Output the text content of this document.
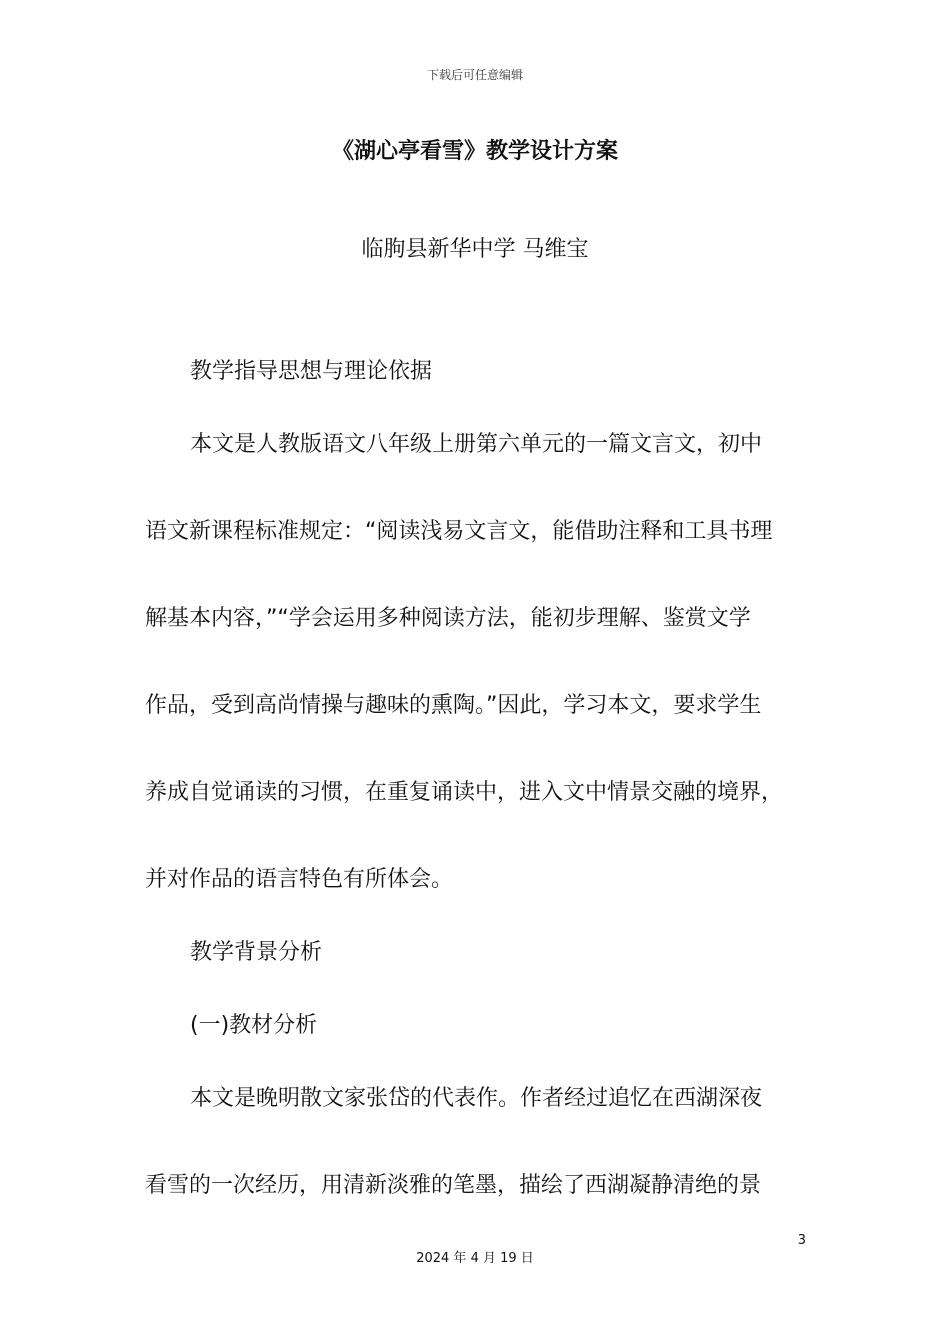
下载后可任意编辑
《湖心亭看雪》教学设计方案
临朐县新华中学 马维宝
教学指导思想与理论依据
本文是人教版语文八年级上册第六单元的一篇文言文，初中
语文新课程标准规定：“阅读浅易文言文，能借助注释和工具书理
解基本内容，”“学会运用多种阅读方法，能初步理解、鉴赏文学
作品，受到高尚情操与趣味的熏陶。”因此，学习本文，要求学生
养成自觉诵读的习惯，在重复诵读中，进入文中情景交融的境界，
并对作品的语言特色有所体会。
教学背景分析
(一)教材分析
本文是晚明散文家张岱的代表作。作者经过追忆在西湖深夜
看雪的一次经历，用清新淡雅的笔墨，描绘了西湖凝静清绝的景
3
2024 年 4 月 19 日
